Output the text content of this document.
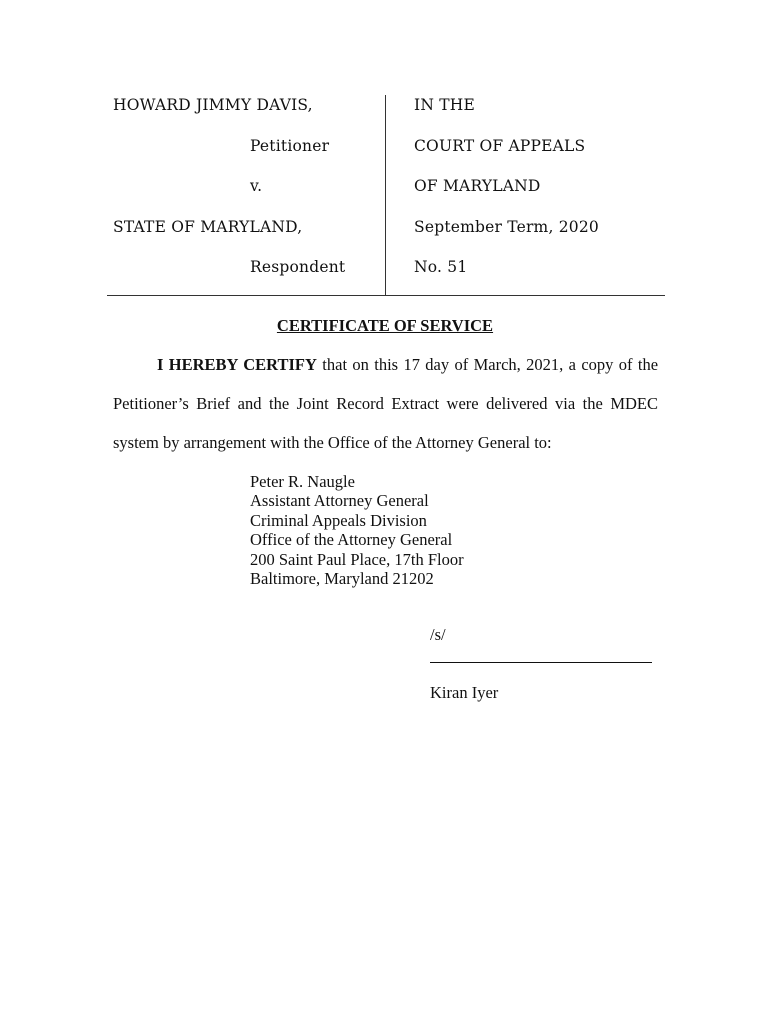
HOWARD JIMMY DAVIS,
Petitioner
v.
STATE OF MARYLAND,
Respondent
IN THE
COURT OF APPEALS
OF MARYLAND
September Term, 2020
No. 51
CERTIFICATE OF SERVICE
I HEREBY CERTIFY that on this 17 day of March, 2021, a copy of the
Petitioner’s Brief and the Joint Record Extract were delivered via the MDEC
system by arrangement with the Office of the Attorney General to:
Peter R. Naugle
Assistant Attorney General
Criminal Appeals Division
Office of the Attorney General
200 Saint Paul Place, 17th Floor
Baltimore, Maryland 21202
/s/
Kiran Iyer
